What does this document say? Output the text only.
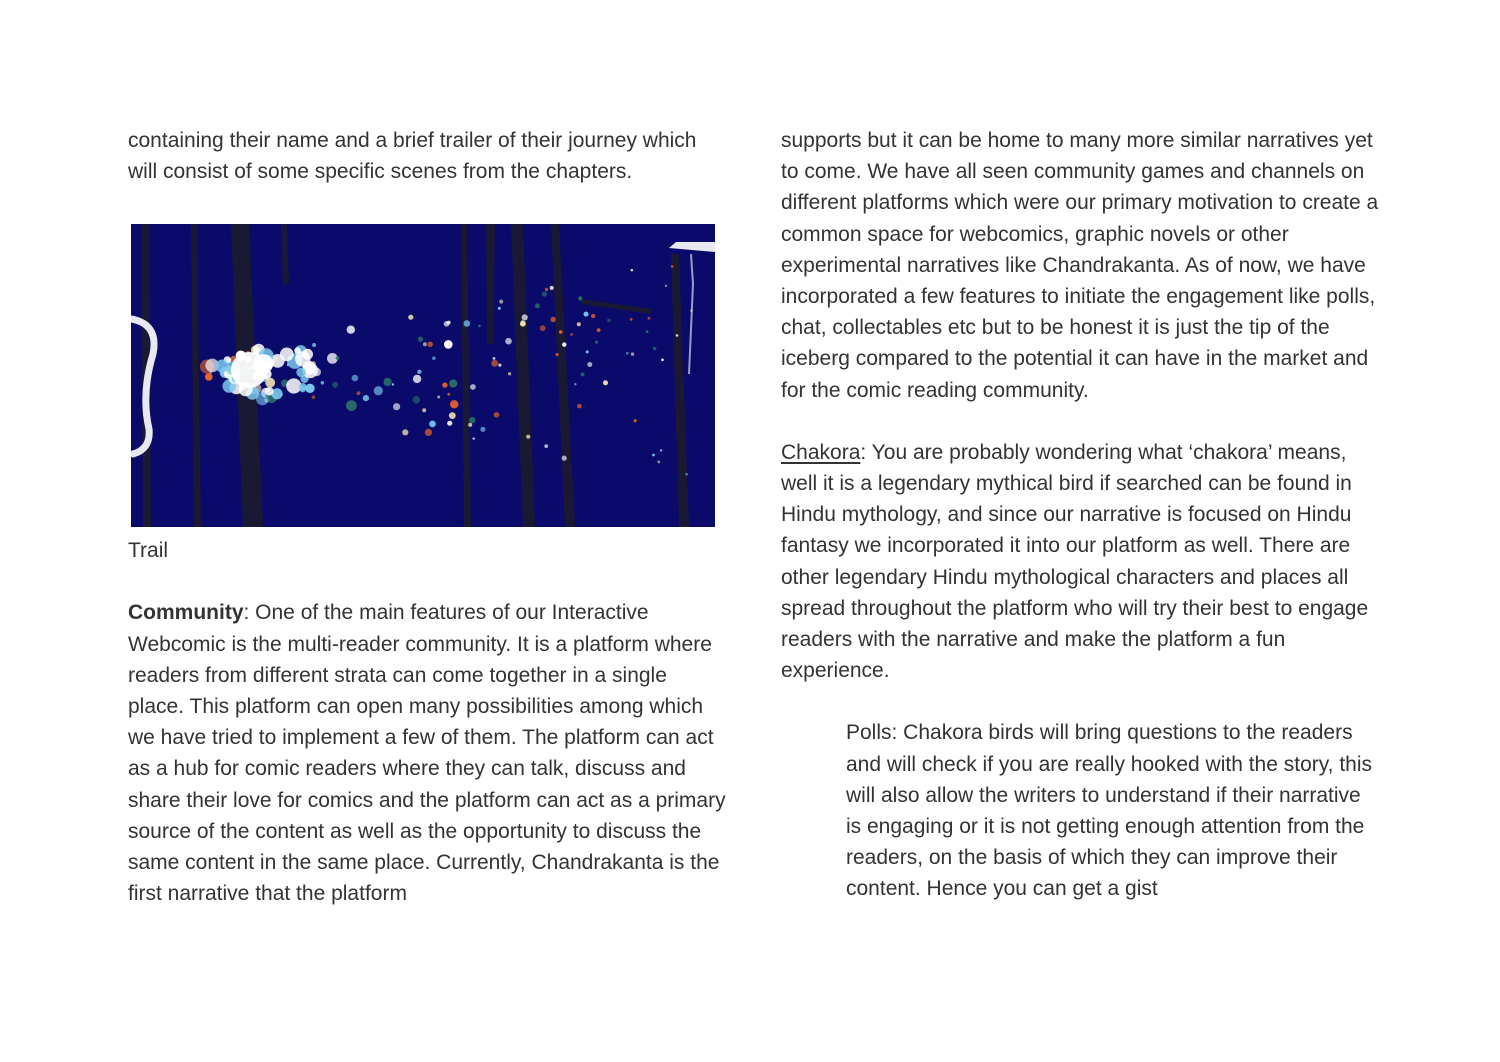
containing their name and a brief trailer of their journey which will consist of some specific scenes from the chapters.

Trail

Community: One of the main features of our Interactive Webcomic is the multi-reader community. It is a platform where readers from different strata can come together in a single place. This platform can open many possibilities among which we have tried to implement a few of them. The platform can act as a hub for comic readers where they can talk, discuss and share their love for comics and the platform can act as a primary source of the content as well as the opportunity to discuss the same content in the same place. Currently, Chandrakanta is the first narrative that the platform

supports but it can be home to many more similar narratives yet to come. We have all seen community games and channels on different platforms which were our primary motivation to create a common space for webcomics, graphic novels or other experimental narratives like Chandrakanta. As of now, we have incorporated a few features to initiate the engagement like polls, chat, collectables etc but to be honest it is just the tip of the iceberg compared to the potential it can have in the market and for the comic reading community.

Chakora: You are probably wondering what ‘chakora’ means, well it is a legendary mythical bird if searched can be found in Hindu mythology, and since our narrative is focused on Hindu fantasy we incorporated it into our platform as well. There are other legendary Hindu mythological characters and places all spread throughout the platform who will try their best to engage readers with the narrative and make the platform a fun experience.

Polls: Chakora birds will bring questions to the readers and will check if you are really hooked with the story, this will also allow the writers to understand if their narrative is engaging or it is not getting enough attention from the readers, on the basis of which they can improve their content. Hence you can get a gist
